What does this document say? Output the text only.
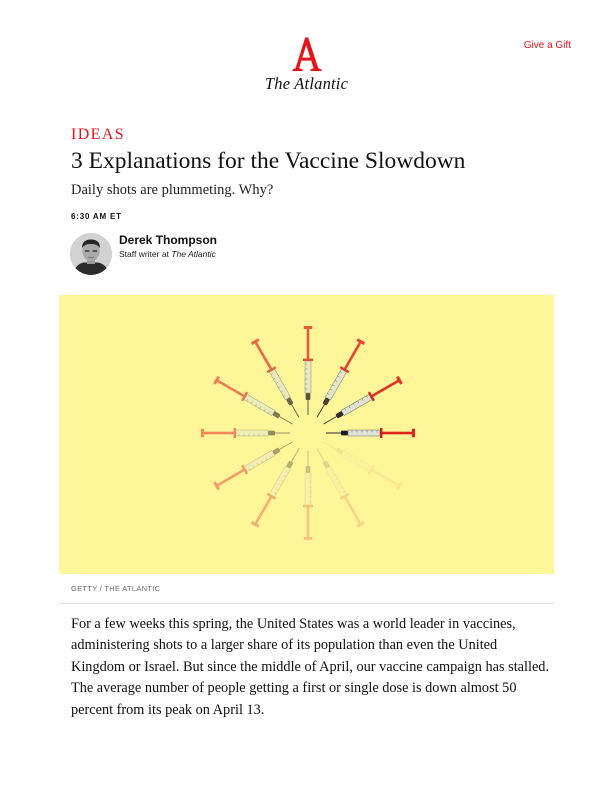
Give a Gift
The Atlantic
IDEAS
3 Explanations for the Vaccine Slowdown

Daily shots are plummeting. Why?

6:30 AM ET
Derek Thompson
Staff writer at The Atlantic
GETTY / THE ATLANTIC

For a few weeks this spring, the United States was a world leader in vaccines, administering shots to a larger share of its population than even the United Kingdom or Israel. But since the middle of April, our vaccine campaign has stalled. The average number of people getting a first or single dose is down almost 50 percent from its peak on April 13.
